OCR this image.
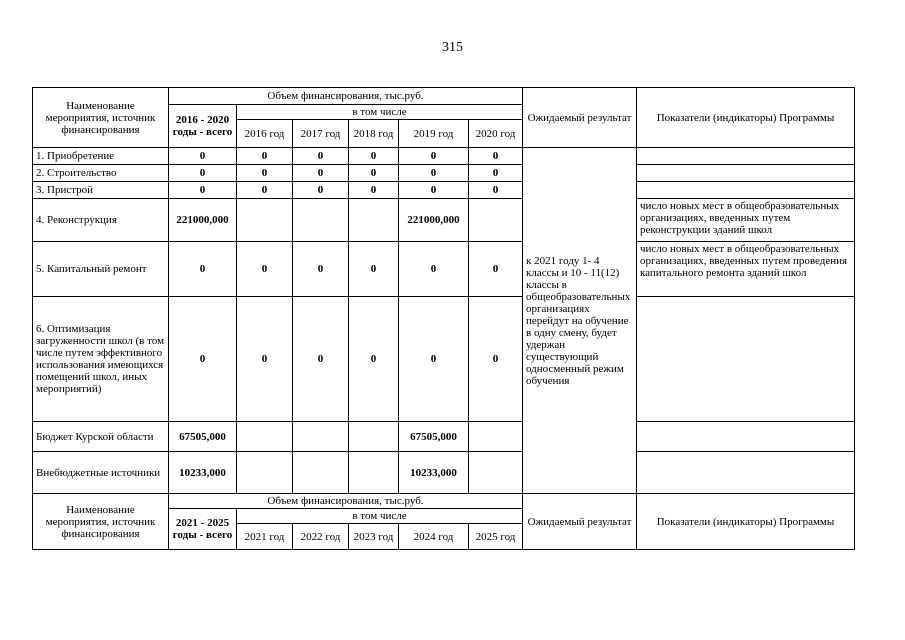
315
Наименование мероприятия, источник финансирования	Объем финансирования, тыс.руб.						Ожидаемый результат	Показатели (индикаторы) Программы
	2016 - 2020 годы - всего	в том числе						
		2016 год	2017 год	2018 год	2019 год	2020 год		
1. Приобретение	0	0	0	0	0	0	к 2021 году 1- 4 классы и 10 - 11(12) классы в общеобразовательных организациях перейдут на обучение в одну смену, будет удержан существующий односменный режим обучения	
2. Строительство	0	0	0	0	0	0		
3. Пристрой	0	0	0	0	0	0		
4. Реконструкция	221000,000				221000,000			число новых мест в общеобразовательных организациях, введенных путем реконструкции зданий школ
5. Капитальный ремонт	0	0	0	0	0	0		число новых мест в общеобразовательных организациях, введенных путем проведения капитального ремонта зданий школ
6. Оптимизация загруженности школ (в том числе путем эффективного использования имеющихся помещений школ, иных мероприятий)	0	0	0	0	0	0		
Бюджет Курской области	67505,000				67505,000			
Внебюджетные источники	10233,000				10233,000			
Наименование мероприятия, источник финансирования	Объем финансирования, тыс.руб.						Ожидаемый результат	Показатели (индикаторы) Программы
	2021 - 2025 годы - всего	в том числе						
		2021 год	2022 год	2023 год	2024 год	2025 год		
